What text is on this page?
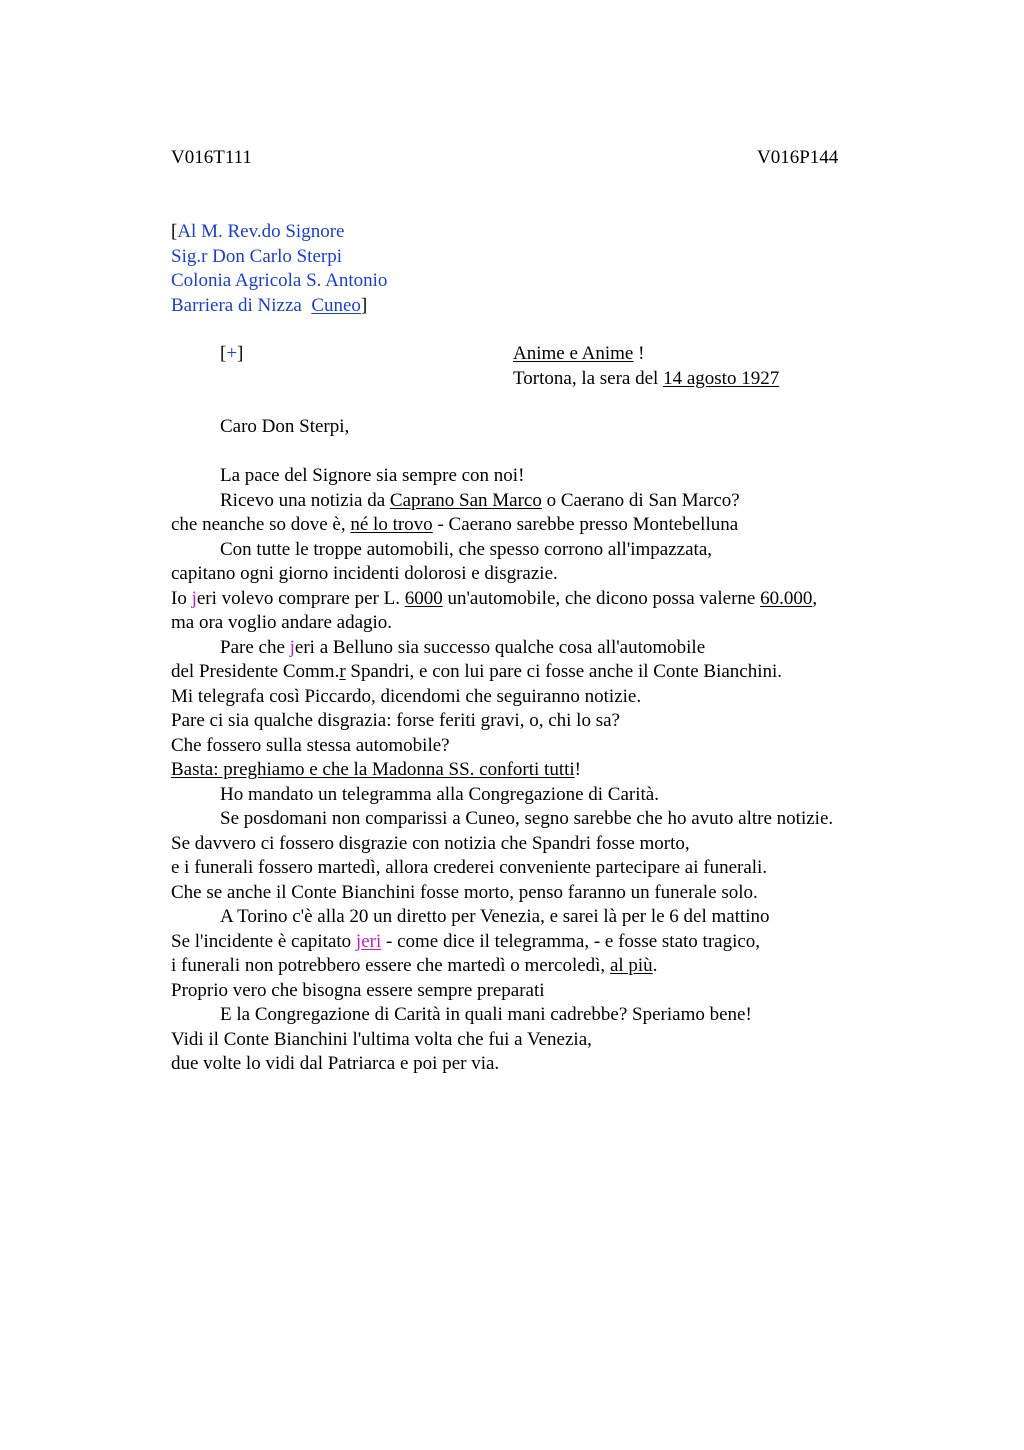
V016T111	V016P144
[Al M. Rev.do Signore
Sig.r Don Carlo Sterpi
Colonia Agricola S. Antonio
Barriera di Nizza  Cuneo]
[+]	Anime e Anime !
Tortona, la sera del 14 agosto 1927
Caro Don Sterpi,
La pace del Signore sia sempre con noi!
Ricevo una notizia da Caprano San Marco o Caerano di San Marco?
che neanche so dove è, né lo trovo - Caerano sarebbe presso Montebelluna
Con tutte le troppe automobili, che spesso corrono all'impazzata,
capitano ogni giorno incidenti dolorosi e disgrazie.
Io jeri volevo comprare per L. 6000 un'automobile, che dicono possa valerne 60.000,
ma ora voglio andare adagio.
Pare che jeri a Belluno sia successo qualche cosa all'automobile
del Presidente Comm.r Spandri, e con lui pare ci fosse anche il Conte Bianchini.
Mi telegrafa così Piccardo, dicendomi che seguiranno notizie.
Pare ci sia qualche disgrazia: forse feriti gravi, o, chi lo sa?
Che fossero sulla stessa automobile?
Basta: preghiamo e che la Madonna SS. conforti tutti!
Ho mandato un telegramma alla Congregazione di Carità.
Se posdomani non comparissi a Cuneo, segno sarebbe che ho avuto altre notizie.
Se davvero ci fossero disgrazie con notizia che Spandri fosse morto,
e i funerali fossero martedì, allora crederei conveniente partecipare ai funerali.
Che se anche il Conte Bianchini fosse morto, penso faranno un funerale solo.
A Torino c'è alla 20 un diretto per Venezia, e sarei là per le 6 del mattino
Se l'incidente è capitato jeri - come dice il telegramma, - e fosse stato tragico,
i funerali non potrebbero essere che martedì o mercoledì, al più.
Proprio vero che bisogna essere sempre preparati
E la Congregazione di Carità in quali mani cadrebbe? Speriamo bene!
Vidi il Conte Bianchini l'ultima volta che fui a Venezia,
due volte lo vidi dal Patriarca e poi per via.
